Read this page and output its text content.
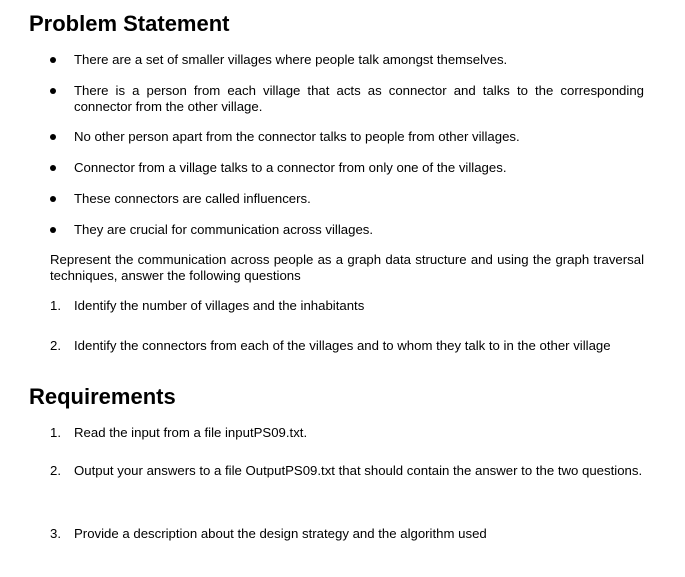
Problem Statement
There are a set of smaller villages where people talk amongst themselves.
There is a person from each village that acts as connector and talks to the corresponding connector from the other village.
No other person apart from the connector talks to people from other villages.
Connector from a village talks to a connector from only one of the villages.
These connectors are called influencers.
They are crucial for communication across villages.
Represent the communication across people as a graph data structure and using the graph traversal techniques, answer the following questions
1. Identify the number of villages and the inhabitants
2. Identify the connectors from each of the villages and to whom they talk to in the other village
Requirements
1. Read the input from a file inputPS09.txt.
2. Output your answers to a file OutputPS09.txt that should contain the answer to the two questions.
3. Provide a description about the design strategy and the algorithm used
